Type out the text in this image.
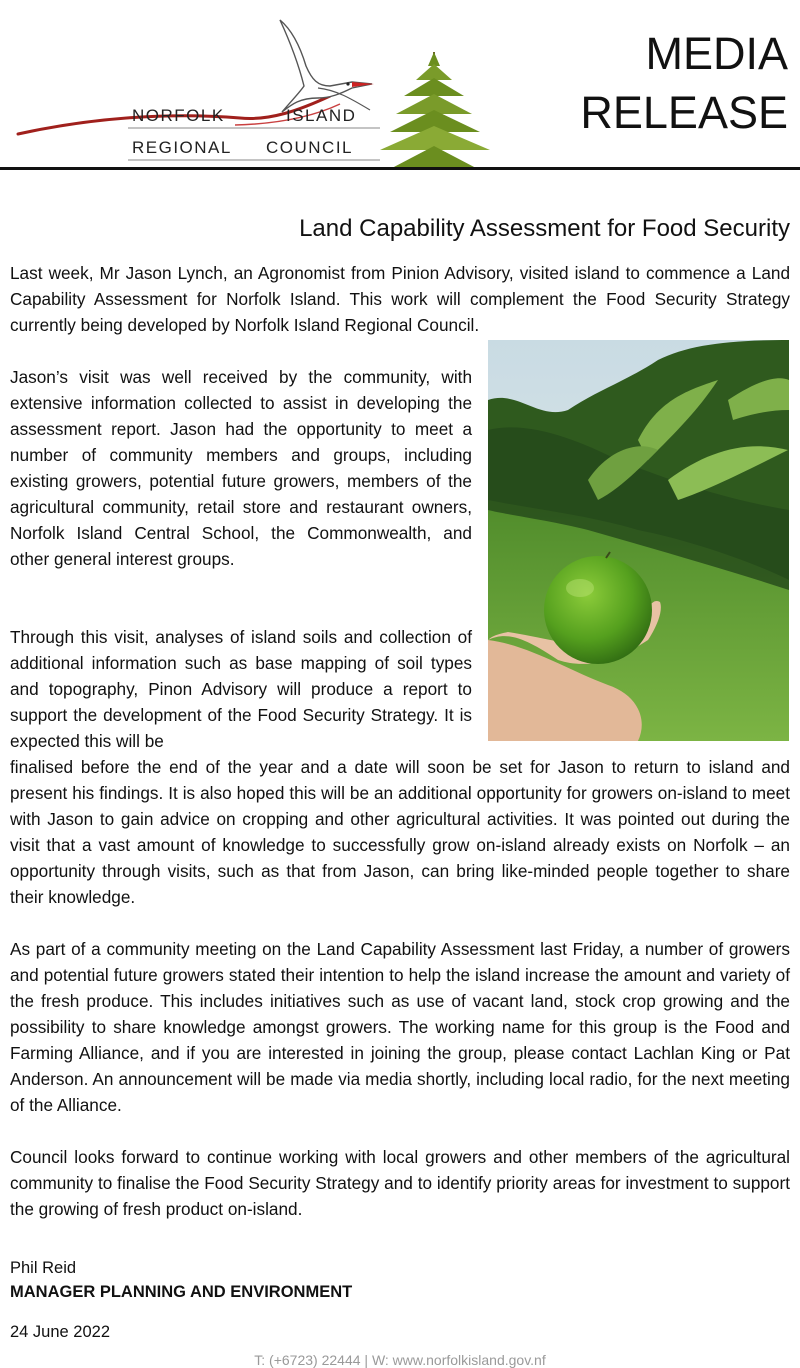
NORFOLK	ISLAND
REGIONAL COUNCIL
MEDIA
RELEASE
Land Capability Assessment for Food Security

Last week, Mr Jason Lynch, an Agronomist from Pinion Advisory, visited island to commence a Land Capability Assessment for Norfolk Island. This work will complement the Food Security Strategy currently being developed by Norfolk Island Regional Council.

Jason’s visit was well received by the community, with extensive information collected to assist in developing the assessment report. Jason had the opportunity to meet a number of community members and groups, including existing growers, potential future growers, members of the agricultural community, retail store and restaurant owners, Norfolk Island Central School, the Commonwealth, and other general interest groups.

Through this visit, analyses of island soils and collection of additional information such as base mapping of soil types and topography, Pinon Advisory will produce a report to support the development of the Food Security Strategy. It is expected this will be

finalised before the end of the year and a date will soon be set for Jason to return to island and present his findings. It is also hoped this will be an additional opportunity for growers on-island to meet with Jason to gain advice on cropping and other agricultural activities. It was pointed out during the visit that a vast amount of knowledge to successfully grow on-island already exists on Norfolk – an opportunity through visits, such as that from Jason, can bring like-minded people together to share their knowledge.

As part of a community meeting on the Land Capability Assessment last Friday, a number of growers and potential future growers stated their intention to help the island increase the amount and variety of the fresh produce. This includes initiatives such as use of vacant land, stock crop growing and the possibility to share knowledge amongst growers. The working name for this group is the Food and Farming Alliance, and if you are interested in joining the group, please contact Lachlan King or Pat Anderson. An announcement will be made via media shortly, including local radio, for the next meeting of the Alliance.

Council looks forward to continue working with local growers and other members of the agricultural community to finalise the Food Security Strategy and to identify priority areas for investment to support the growing of fresh product on-island.

Phil Reid
MANAGER PLANNING AND ENVIRONMENT
24 June 2022
T: (+6723) 22444 | W: www.norfolkisland.gov.nf
